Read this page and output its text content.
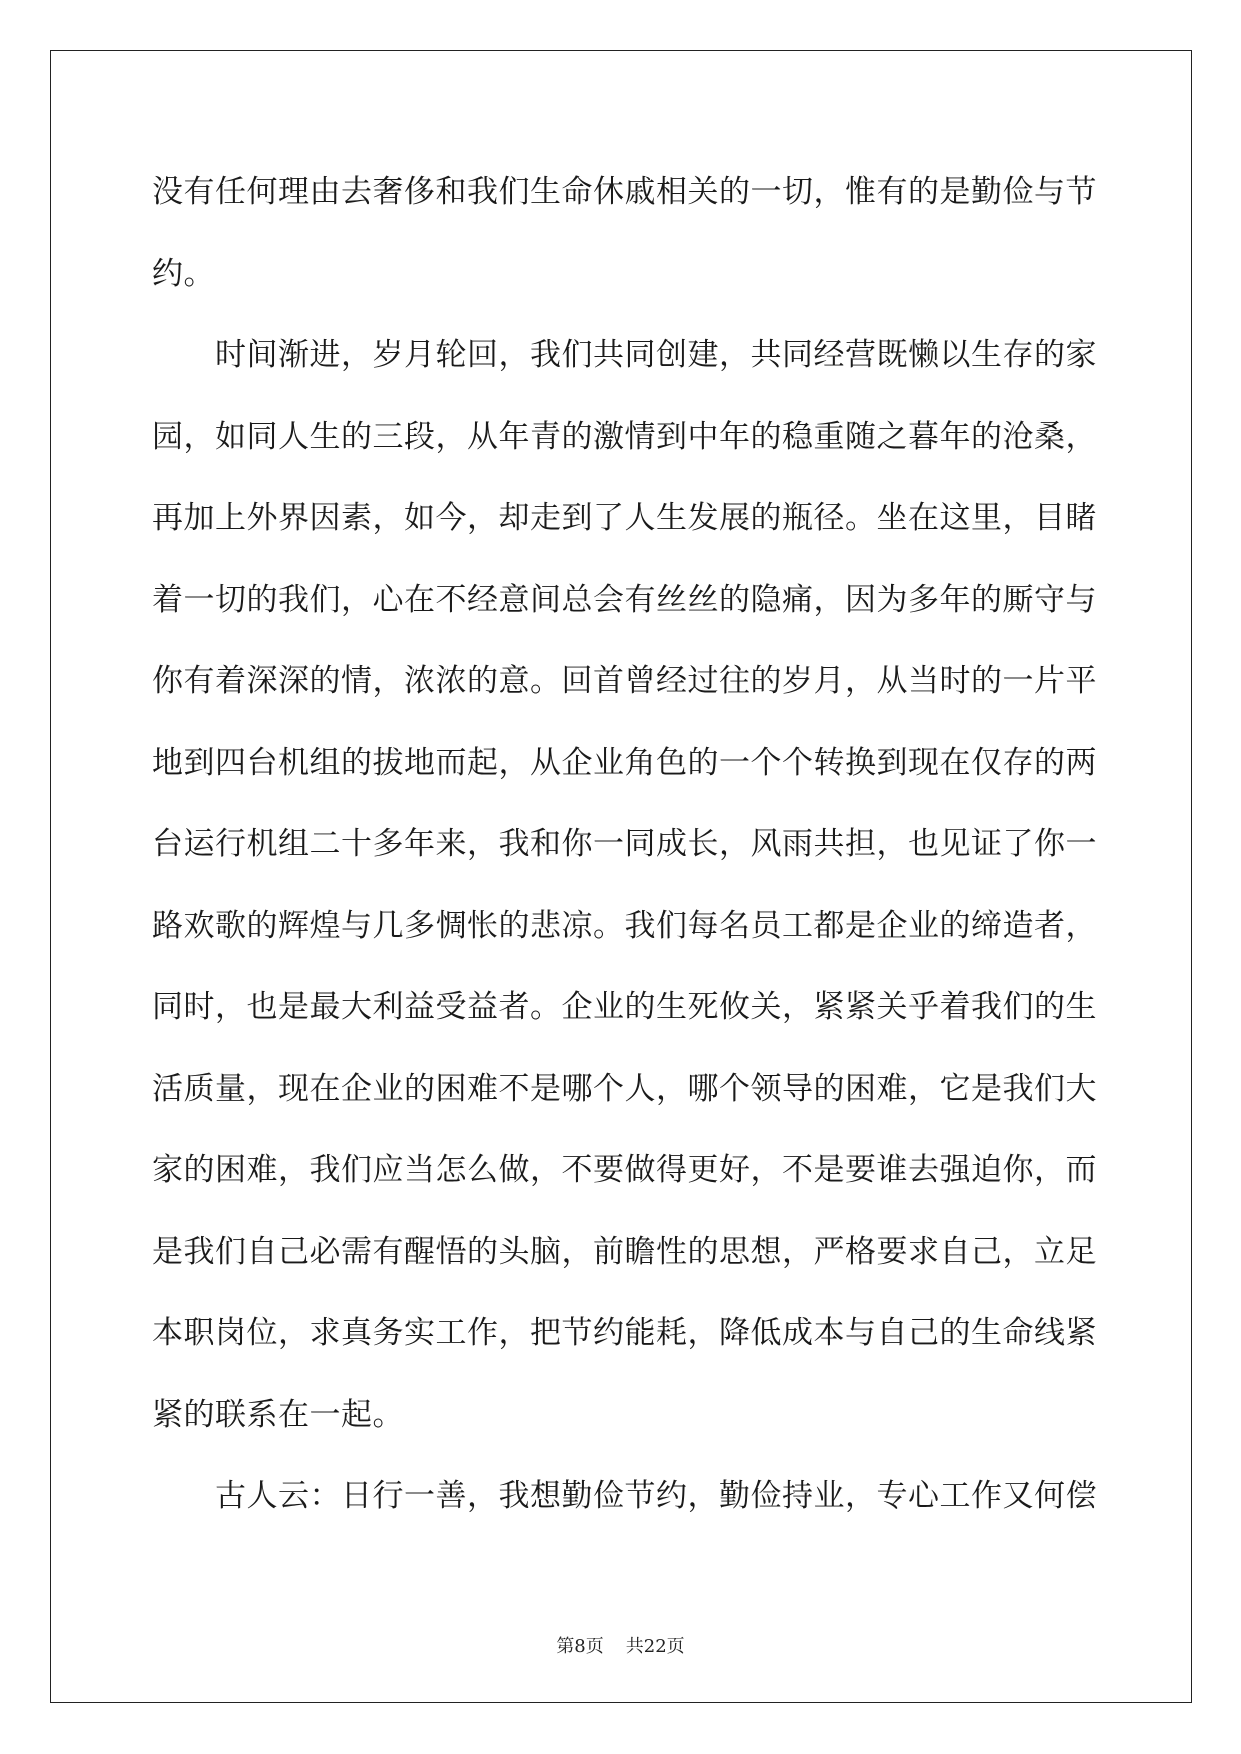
没有任何理由去奢侈和我们生命休戚相关的一切，惟有的是勤俭与节
约。
　　时间渐进，岁月轮回，我们共同创建，共同经营既懒以生存的家
园，如同人生的三段，从年青的激情到中年的稳重随之暮年的沧桑，
再加上外界因素，如今，却走到了人生发展的瓶径。坐在这里，目睹
着一切的我们，心在不经意间总会有丝丝的隐痛，因为多年的厮守与
你有着深深的情，浓浓的意。回首曾经过往的岁月，从当时的一片平
地到四台机组的拔地而起，从企业角色的一个个转换到现在仅存的两
台运行机组二十多年来，我和你一同成长，风雨共担，也见证了你一
路欢歌的辉煌与几多惆怅的悲凉。我们每名员工都是企业的缔造者，
同时，也是最大利益受益者。企业的生死攸关，紧紧关乎着我们的生
活质量，现在企业的困难不是哪个人，哪个领导的困难，它是我们大
家的困难，我们应当怎么做，不要做得更好，不是要谁去强迫你，而
是我们自己必需有醒悟的头脑，前瞻性的思想，严格要求自己，立足
本职岗位，求真务实工作，把节约能耗，降低成本与自己的生命线紧
紧的联系在一起。
　　古人云：日行一善，我想勤俭节约，勤俭持业，专心工作又何偿
第8页 共22页
